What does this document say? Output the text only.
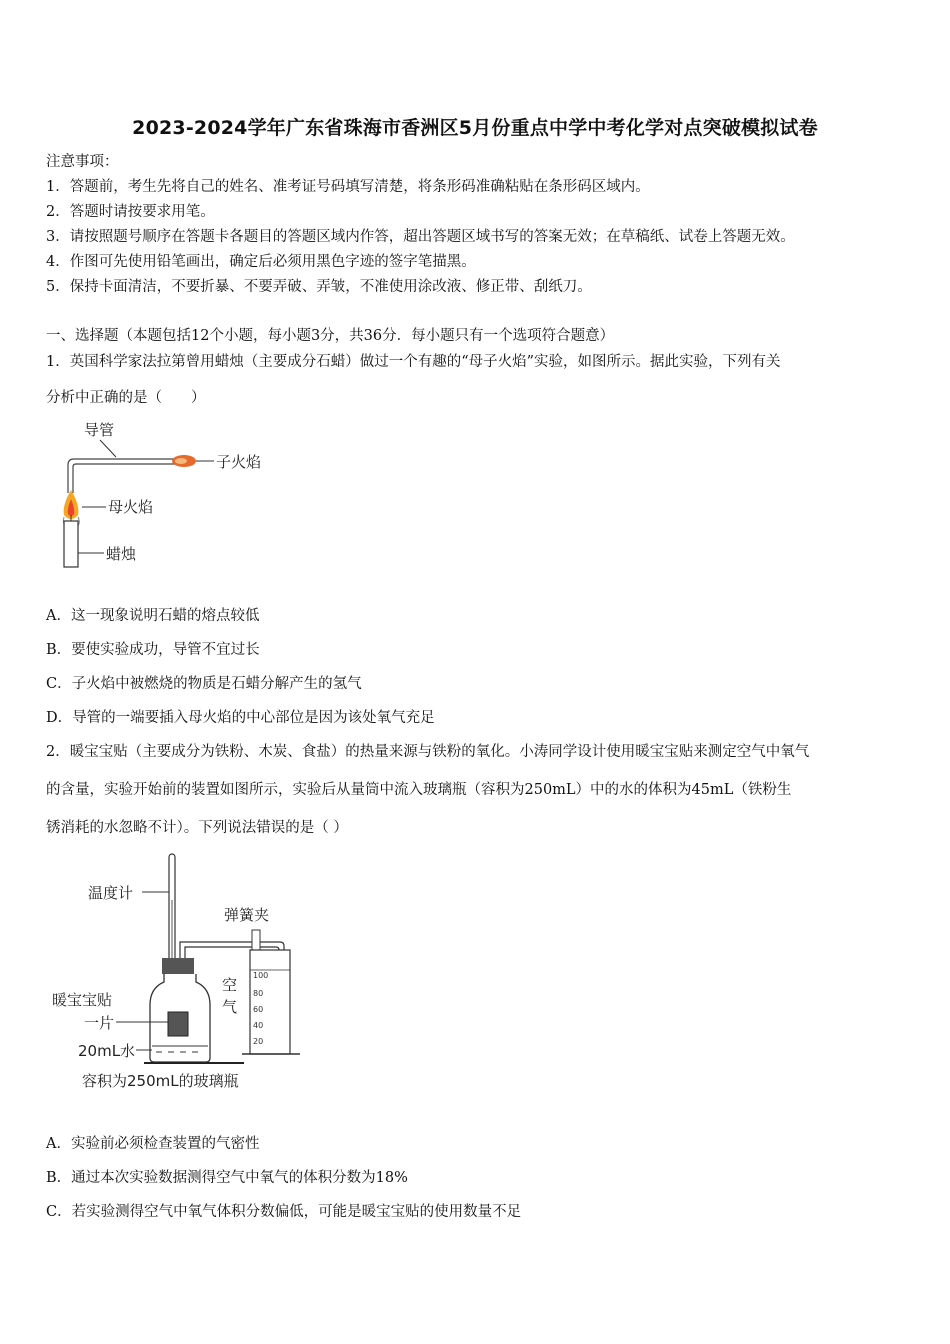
2023-2024学年广东省珠海市香洲区5月份重点中学中考化学对点突破模拟试卷
注意事项：
1．答题前，考生先将自己的姓名、准考证号码填写清楚，将条形码准确粘贴在条形码区域内。
2．答题时请按要求用笔。
3．请按照题号顺序在答题卡各题目的答题区域内作答，超出答题区域书写的答案无效；在草稿纸、试卷上答题无效。
4．作图可先使用铅笔画出，确定后必须用黑色字迹的签字笔描黑。
5．保持卡面清洁，不要折暴、不要弄破、弄皱，不准使用涂改液、修正带、刮纸刀。
一、选择题（本题包括12个小题，每小题3分，共36分．每小题只有一个选项符合题意）
1．英国科学家法拉第曾用蜡烛（主要成分石蜡）做过一个有趣的“母子火焰”实验，如图所示。据此实验，下列有关
分析中正确的是（　　）
导管
子火焰
母火焰
蜡烛
A．这一现象说明石蜡的熔点较低
B．要使实验成功，导管不宜过长
C．子火焰中被燃烧的物质是石蜡分解产生的氢气
D．导管的一端要插入母火焰的中心部位是因为该处氧气充足
2．暖宝宝贴（主要成分为铁粉、木炭、食盐）的热量来源与铁粉的氧化。小涛同学设计使用暖宝宝贴来测定空气中氧气
的含量，实验开始前的装置如图所示，实验后从量筒中流入玻璃瓶（容积为250mL）中的水的体积为45mL（铁粉生
锈消耗的水忽略不计）。下列说法错误的是（ ）
温度计
暖宝宝贴
一片
20mL水
容积为250mL的玻璃瓶
空
气
弹簧夹
100
80
60
40
20
A．实验前必须检查装置的气密性
B．通过本次实验数据测得空气中氧气的体积分数为18%
C．若实验测得空气中氧气体积分数偏低，可能是暖宝宝贴的使用数量不足
